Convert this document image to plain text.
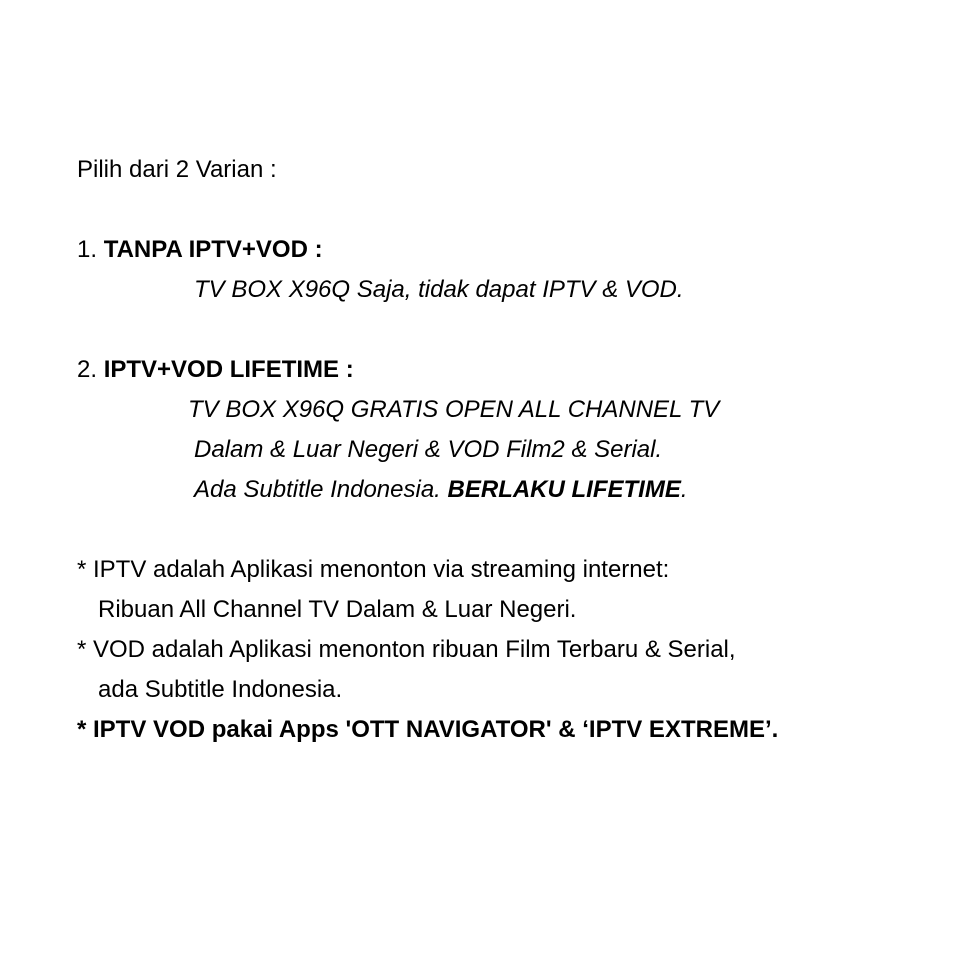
Pilih dari 2 Varian :
1. TANPA IPTV+VOD :
TV BOX X96Q Saja, tidak dapat IPTV & VOD.
2. IPTV+VOD LIFETIME :
TV BOX X96Q GRATIS OPEN ALL CHANNEL TV
Dalam & Luar Negeri & VOD Film2 & Serial.
Ada Subtitle Indonesia. BERLAKU LIFETIME.
* IPTV adalah Aplikasi menonton via streaming internet:
Ribuan All Channel TV Dalam & Luar Negeri.
* VOD adalah Aplikasi menonton ribuan Film Terbaru & Serial,
ada Subtitle Indonesia.
* IPTV VOD pakai Apps 'OTT NAVIGATOR' & ‘IPTV EXTREME’.
